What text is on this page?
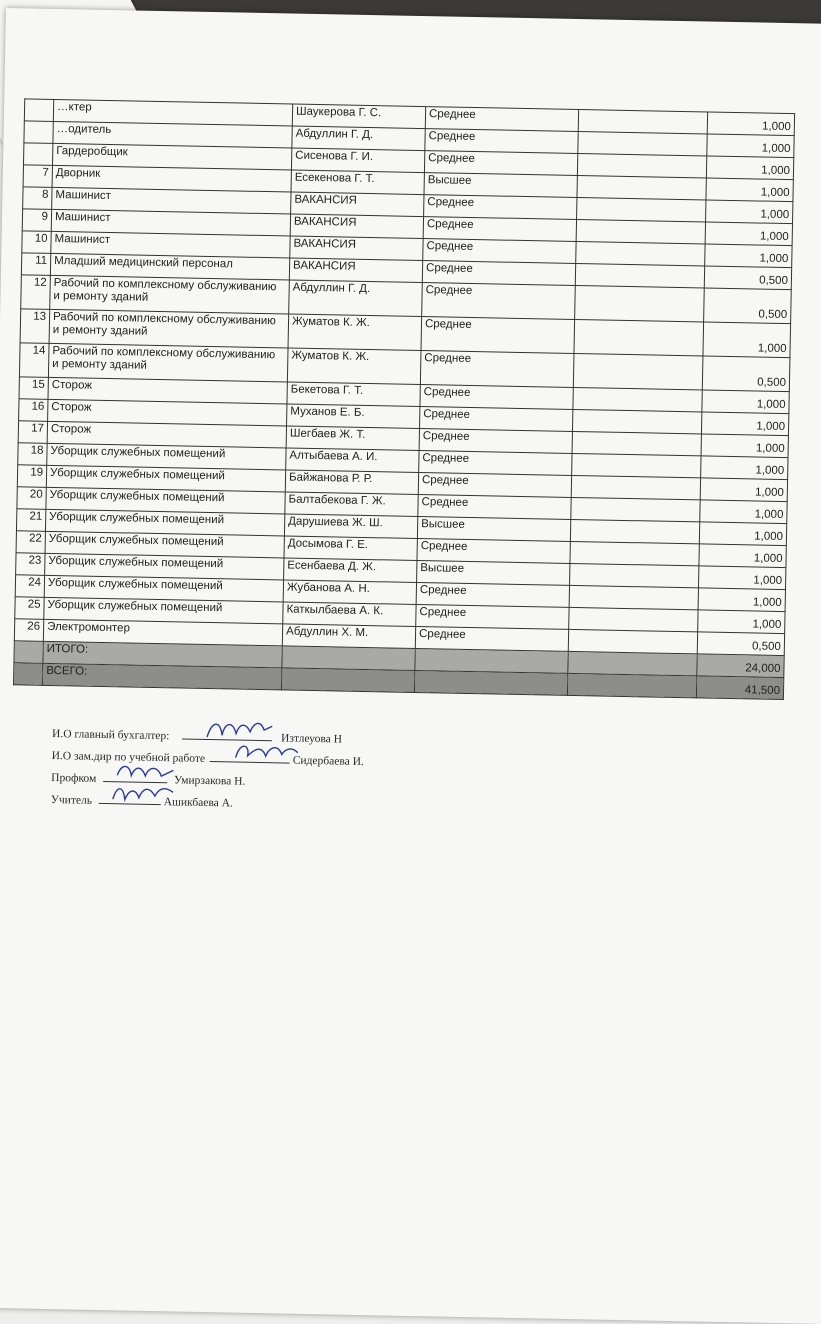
	…ктер	Шаукерова Г. С.	Среднее		1,000
	…одитель	Абдуллин Г. Д.	Среднее		1,000
	Гардеробщик	Сисенова Г. И.	Среднее		1,000
7	Дворник	Есекенова Г. Т.	Высшее		1,000
8	Машинист	ВАКАНСИЯ	Среднее		1,000
9	Машинист	ВАКАНСИЯ	Среднее		1,000
10	Машинист	ВАКАНСИЯ	Среднее		1,000
11	Младший медицинский персонал	ВАКАНСИЯ	Среднее		0,500
12	Рабочий по комплексному обслуживанию и ремонту зданий	Абдуллин Г. Д.	Среднее		0,500
13	Рабочий по комплексному обслуживанию и ремонту зданий	Жуматов К. Ж.	Среднее		1,000
14	Рабочий по комплексному обслуживанию и ремонту зданий	Жуматов К. Ж.	Среднее		0,500
15	Сторож	Бекетова Г. Т.	Среднее		1,000
16	Сторож	Муханов Е. Б.	Среднее		1,000
17	Сторож	Шегбаев Ж. Т.	Среднее		1,000
18	Уборщик служебных помещений	Алтыбаева А. И.	Среднее		1,000
19	Уборщик служебных помещений	Байжанова Р. Р.	Среднее		1,000
20	Уборщик служебных помещений	Балтабекова Г. Ж.	Среднее		1,000
21	Уборщик служебных помещений	Дарушиева Ж. Ш.	Высшее		1,000
22	Уборщик служебных помещений	Досымова Г. Е.	Среднее		1,000
23	Уборщик служебных помещений	Есенбаева Д. Ж.	Высшее		1,000
24	Уборщик служебных помещений	Жубанова А. Н.	Среднее		1,000
25	Уборщик служебных помещений	Каткылбаева А. К.	Среднее		1,000
26	Электромонтер	Абдуллин Х. М.	Среднее		0,500
	ИТОГО:				24,000
	ВСЕГО:				41,500
И.О главный бухгалтер:	Изтлеуова Н
И.О зам.дир по учебной работе	Сидербаева И.
Профком	Умирзакова Н.
Учитель	Ашикбаева А.
